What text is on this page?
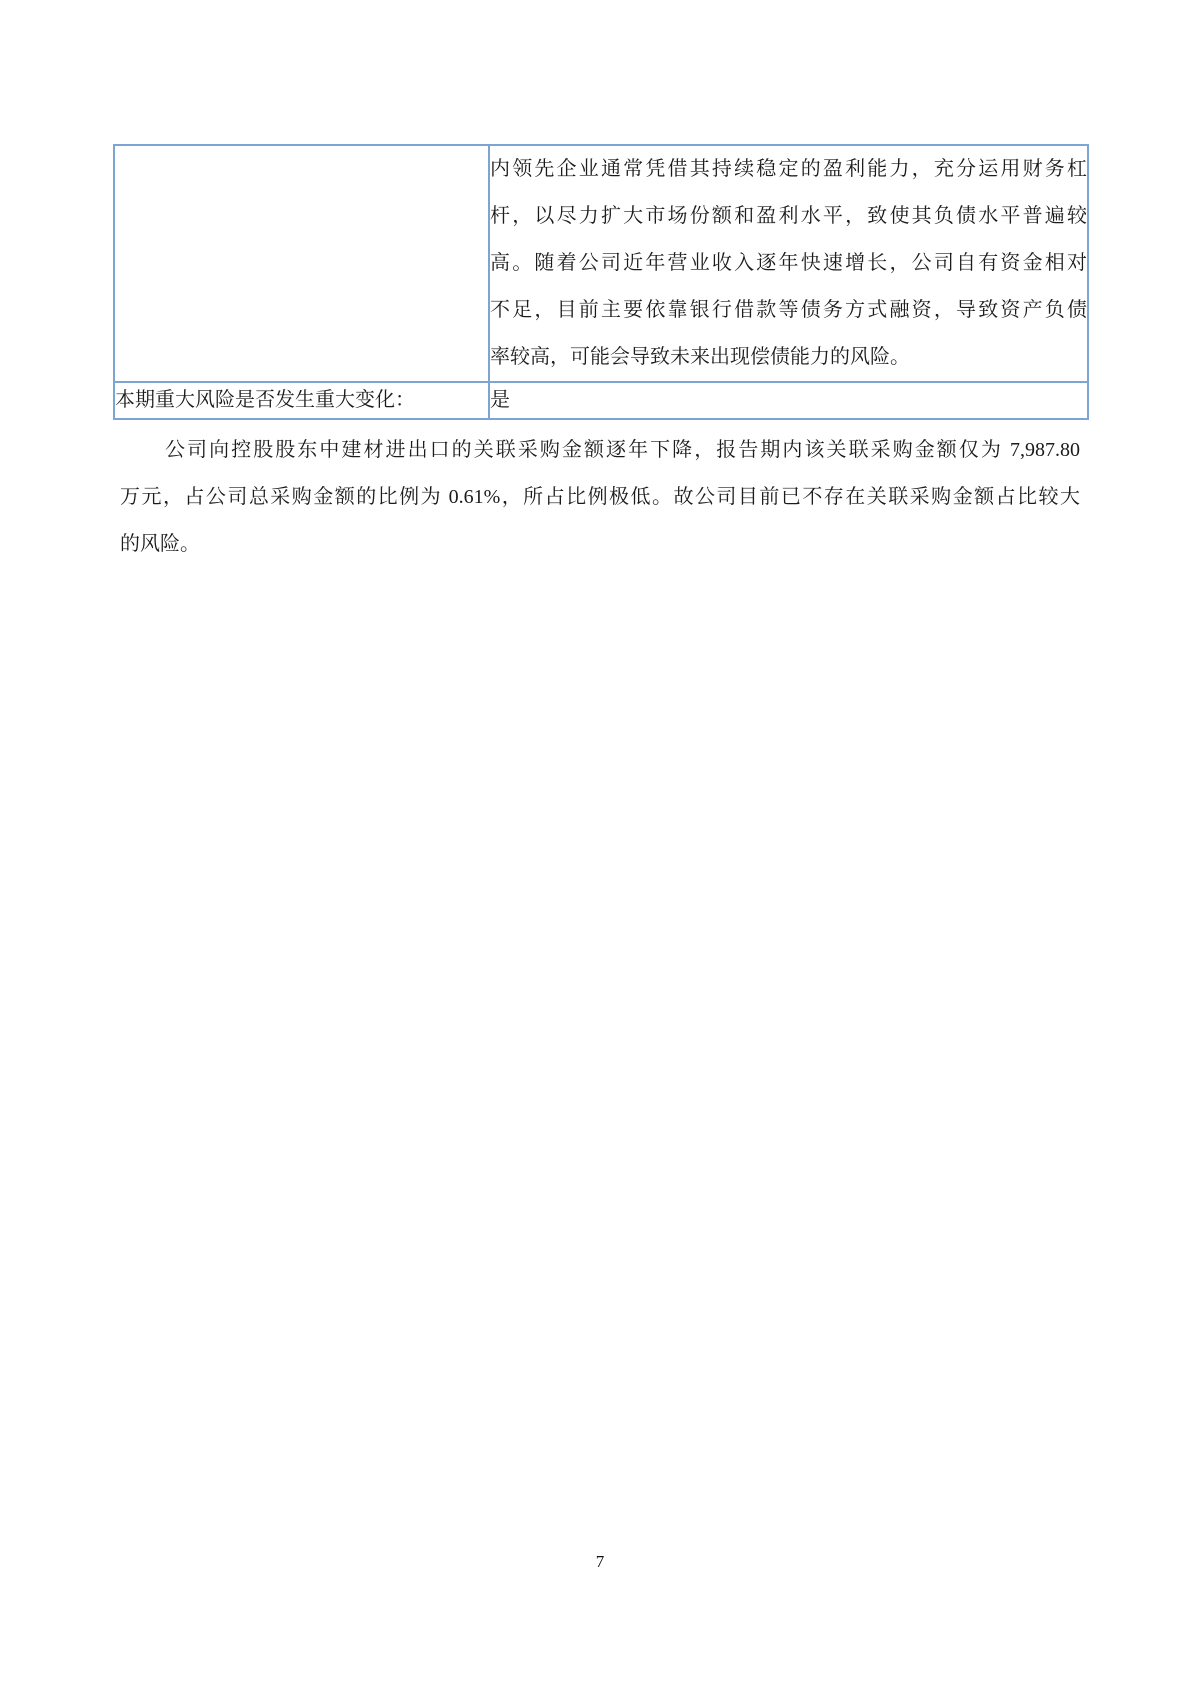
	内领先企业通常凭借其持续稳定的盈利能力，充分运用财务杠
杆，以尽力扩大市场份额和盈利水平，致使其负债水平普遍较
高。随着公司近年营业收入逐年快速增长，公司自有资金相对
不足，目前主要依靠银行借款等债务方式融资，导致资产负债
率较高，可能会导致未来出现偿债能力的风险。

本期重大风险是否发生重大变化：	是
公司向控股股东中建材进出口的关联采购金额逐年下降，报告期内该关联采购金额仅为 7,987.80
万元，占公司总采购金额的比例为 0.61%，所占比例极低。故公司目前已不存在关联采购金额占比较大
的风险。
7
